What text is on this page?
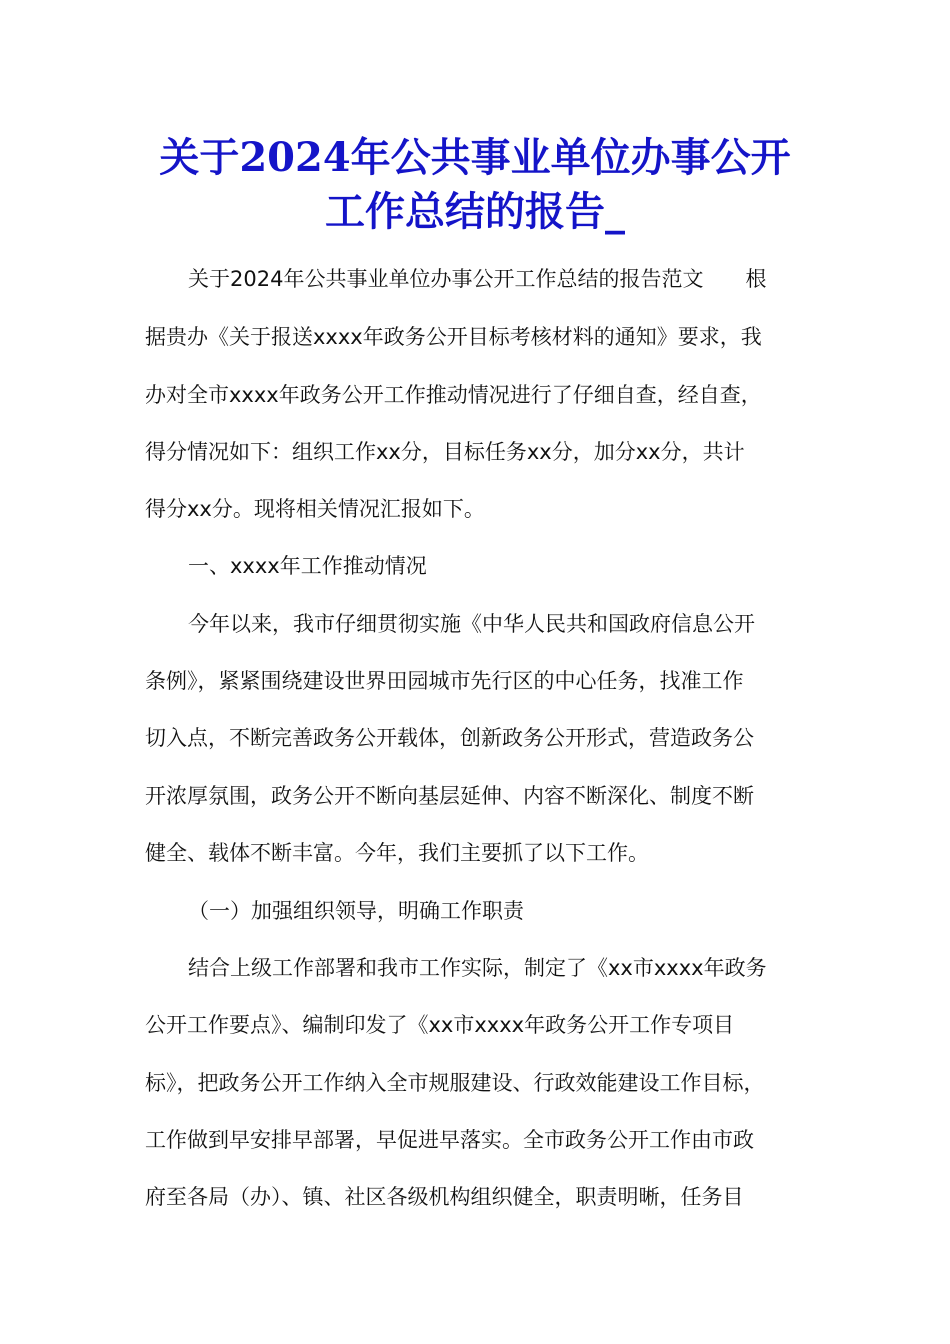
关于2024年公共事业单位办事公开
工作总结的报告_
关于2024年公共事业单位办事公开工作总结的报告范文　　根
据贵办《关于报送xxxx年政务公开目标考核材料的通知》要求，我
办对全市xxxx年政务公开工作推动情况进行了仔细自查，经自查，
得分情况如下：组织工作xx分，目标任务xx分，加分xx分，共计
得分xx分。现将相关情况汇报如下。
一、xxxx年工作推动情况
今年以来，我市仔细贯彻实施《中华人民共和国政府信息公开
条例》，紧紧围绕建设世界田园城市先行区的中心任务，找准工作
切入点，不断完善政务公开载体，创新政务公开形式，营造政务公
开浓厚氛围，政务公开不断向基层延伸、内容不断深化、制度不断
健全、载体不断丰富。今年，我们主要抓了以下工作。
（一）加强组织领导，明确工作职责
结合上级工作部署和我市工作实际，制定了《xx市xxxx年政务
公开工作要点》、编制印发了《xx市xxxx年政务公开工作专项目
标》，把政务公开工作纳入全市规服建设、行政效能建设工作目标，
工作做到早安排早部署，早促进早落实。全市政务公开工作由市政
府至各局（办）、镇、社区各级机构组织健全，职责明晰，任务目
